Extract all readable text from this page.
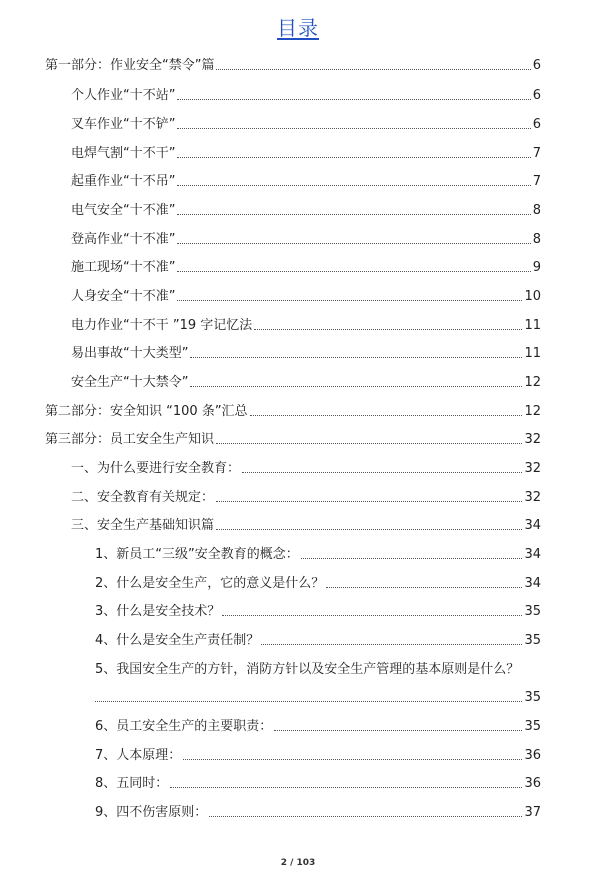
目录
第一部分：作业安全“禁令”篇	6
个人作业“十不站”	6
叉车作业“十不铲”	6
电焊气割“十不干”	7
起重作业“十不吊”	7
电气安全“十不准”	8
登高作业“十不准”	8
施工现场“十不准”	9
人身安全“十不准”	10
电力作业“十不干 ”19 字记忆法	11
易出事故“十大类型”	11
安全生产“十大禁令”	12
第二部分：安全知识 “100 条”汇总	12
第三部分：员工安全生产知识	32
一、为什么要进行安全教育：	32
二、安全教育有关规定：	32
三、安全生产基础知识篇	34
1、新员工“三级”安全教育的概念：	34
2、什么是安全生产，它的意义是什么？	34
3、什么是安全技术？	35
4、什么是安全生产责任制？	35
5、我国安全生产的方针，消防方针以及安全生产管理的基本原则是什么？
35
6、员工安全生产的主要职责：	35
7、人本原理：	36
8、五同时：	36
9、四不伤害原则：	37
2 / 103
